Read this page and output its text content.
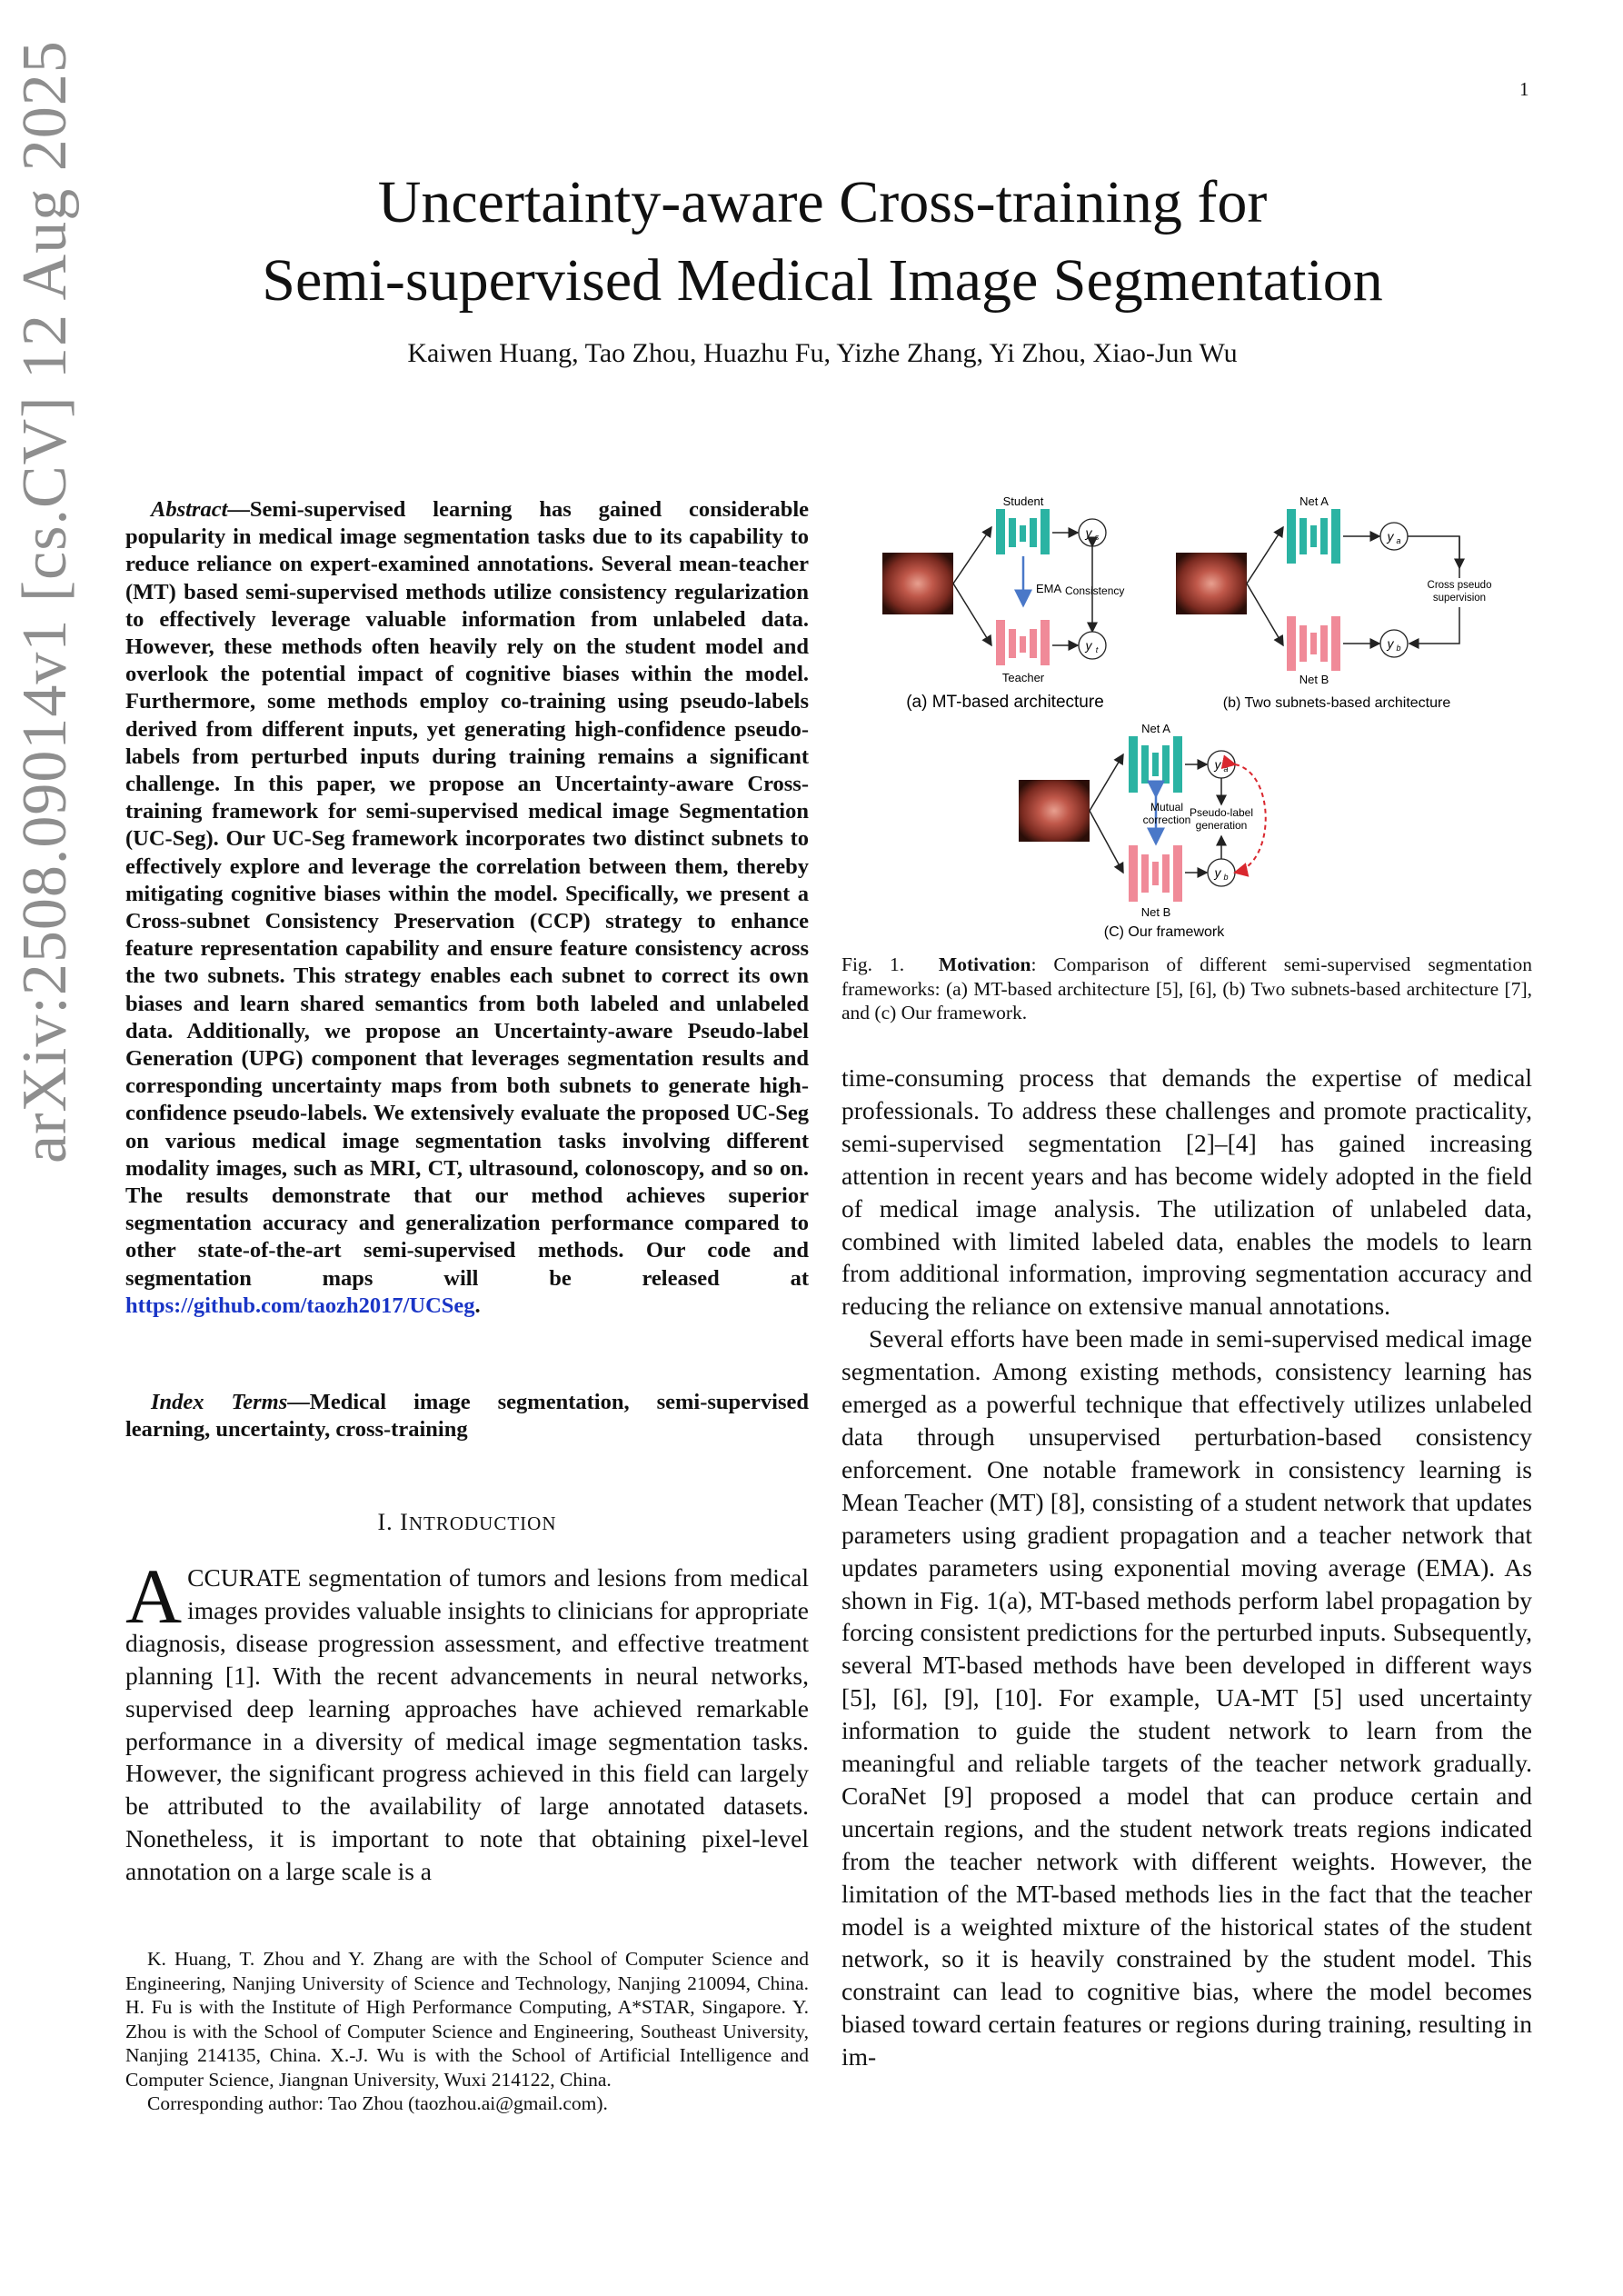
1
arXiv:2508.09014v1 [cs.CV] 12 Aug 2025	Uncertainty-aware Cross-training for
Semi-supervised Medical Image Segmentation
Kaiwen Huang, Tao Zhou, Huazhu Fu, Yizhe Zhang, Yi Zhou, Xiao-Jun Wu
Abstract—Semi-supervised learning has gained considerable popularity in medical image segmentation tasks due to its capability to reduce reliance on expert-examined annotations. Several mean-teacher (MT) based semi-supervised methods utilize consistency regularization to effectively leverage valuable information from unlabeled data. However, these methods often heavily rely on the student model and overlook the potential impact of cognitive biases within the model. Furthermore, some methods employ co-training using pseudo-labels derived from different inputs, yet generating high-confidence pseudo-labels from perturbed inputs during training remains a significant challenge. In this paper, we propose an Uncertainty-aware Cross-training framework for semi-supervised medical image Segmentation (UC-Seg). Our UC-Seg framework incorporates two distinct subnets to effectively explore and leverage the correlation between them, thereby mitigating cognitive biases within the model. Specifically, we present a Cross-subnet Consistency Preservation (CCP) strategy to enhance feature representation capability and ensure feature consistency across the two subnets. This strategy enables each subnet to correct its own biases and learn shared semantics from both labeled and unlabeled data. Additionally, we propose an Uncertainty-aware Pseudo-label Generation (UPG) component that leverages segmentation results and corresponding uncertainty maps from both subnets to generate high-confidence pseudo-labels. We extensively evaluate the proposed UC-Seg on various medical image segmentation tasks involving different modality images, such as MRI, CT, ultrasound, colonoscopy, and so on. The results demonstrate that our method achieves superior segmentation accuracy and generalization performance compared to other state-of-the-art semi-supervised methods. Our code and segmentation maps will be released at https://github.com/taozh2017/UCSeg.
Index Terms—Medical image segmentation, semi-supervised learning, uncertainty, cross-training
I. INTRODUCTION
ACCURATE segmentation of tumors and lesions from medical images provides valuable insights to clinicians for appropriate diagnosis, disease progression assessment, and effective treatment planning [1]. With the recent advancements in neural networks, supervised deep learning approaches have achieved remarkable performance in a diversity of medical image segmentation tasks. However, the significant progress achieved in this field can largely be attributed to the availability of large annotated datasets. Nonetheless, it is important to note that obtaining pixel-level annotation on a large scale is a

K. Huang, T. Zhou and Y. Zhang are with the School of Computer Science and Engineering, Nanjing University of Science and Technology, Nanjing 210094, China. H. Fu is with the Institute of High Performance Computing, A*STAR, Singapore. Y. Zhou is with the School of Computer Science and Engineering, Southeast University, Nanjing 214135, China. X.-J. Wu is with the School of Artificial Intelligence and Computer Science, Jiangnan University, Wuxi 214122, China.

Corresponding author: Tao Zhou (taozhou.ai@gmail.com).

Student
y s
EMA Consistency
Teacher
y t
(a) MT-based architecture
Net A
y a
Net B
y b
Cross pseudo
supervision
(b) Two subnets-based architecture
Net A
y a
Mutual
correction
Net B
y b
Pseudo-label
generation
(C) Our framework
Fig. 1. Motivation: Comparison of different semi-supervised segmentation frameworks: (a) MT-based architecture [5], [6], (b) Two subnets-based architecture [7], and (c) Our framework.

time-consuming process that demands the expertise of medical professionals. To address these challenges and promote practicality, semi-supervised segmentation [2]–[4] has gained increasing attention in recent years and has become widely adopted in the field of medical image analysis. The utilization of unlabeled data, combined with limited labeled data, enables the models to learn from additional information, improving segmentation accuracy and reducing the reliance on extensive manual annotations.

Several efforts have been made in semi-supervised medical image segmentation. Among existing methods, consistency learning has emerged as a powerful technique that effectively utilizes unlabeled data through unsupervised perturbation-based consistency enforcement. One notable framework in consistency learning is Mean Teacher (MT) [8], consisting of a student network that updates parameters using gradient propagation and a teacher network that updates parameters using exponential moving average (EMA). As shown in Fig. 1(a), MT-based methods perform label propagation by forcing consistent predictions for the perturbed inputs. Subsequently, several MT-based methods have been developed in different ways [5], [6], [9], [10]. For example, UA-MT [5] used uncertainty information to guide the student network to learn from the meaningful and reliable targets of the teacher network gradually. CoraNet [9] proposed a model that can produce certain and uncertain regions, and the student network treats regions indicated from the teacher network with different weights. However, the limitation of the MT-based methods lies in the fact that the teacher model is a weighted mixture of the historical states of the student network, so it is heavily constrained by the student model. This constraint can lead to cognitive bias, where the model becomes biased toward certain features or regions during training, resulting in im-
